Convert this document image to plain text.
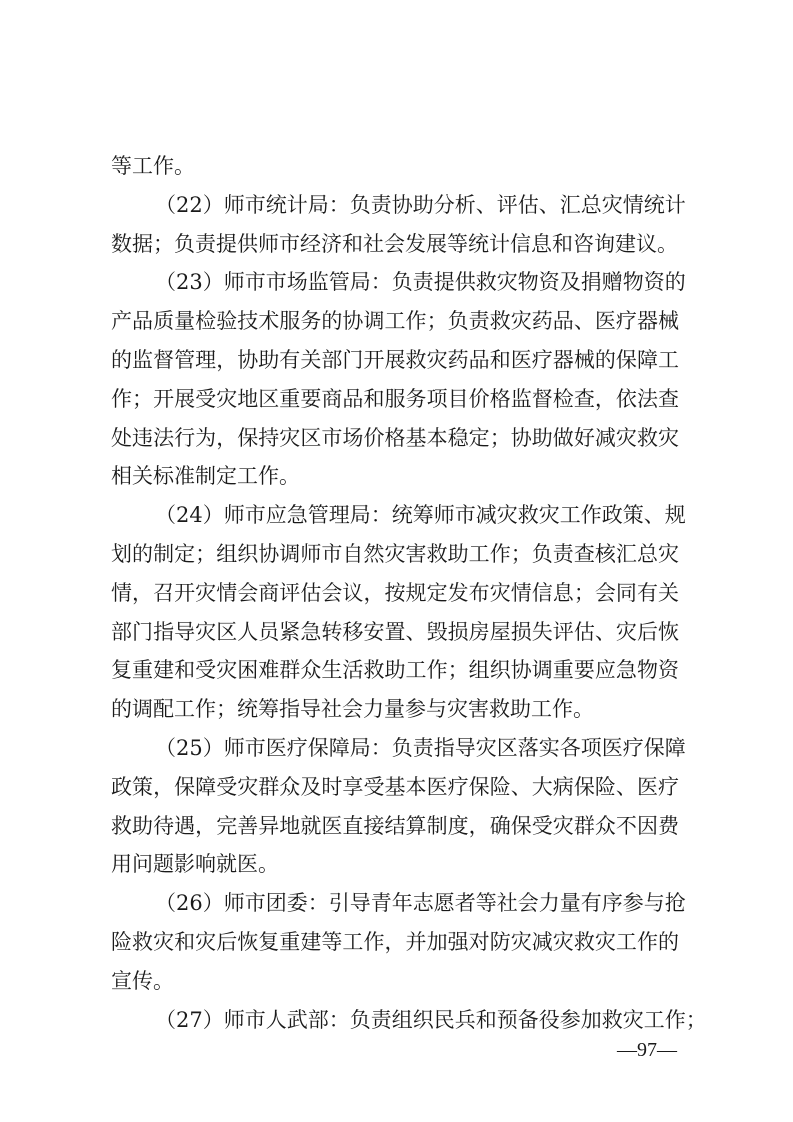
等工作。
（22）师市统计局：负责协助分析、评估、汇总灾情统计
数据；负责提供师市经济和社会发展等统计信息和咨询建议。
（23）师市市场监管局：负责提供救灾物资及捐赠物资的
产品质量检验技术服务的协调工作；负责救灾药品、医疗器械
的监督管理，协助有关部门开展救灾药品和医疗器械的保障工
作；开展受灾地区重要商品和服务项目价格监督检查，依法查
处违法行为，保持灾区市场价格基本稳定；协助做好减灾救灾
相关标准制定工作。
（24）师市应急管理局：统筹师市减灾救灾工作政策、规
划的制定；组织协调师市自然灾害救助工作；负责查核汇总灾
情，召开灾情会商评估会议，按规定发布灾情信息；会同有关
部门指导灾区人员紧急转移安置、毁损房屋损失评估、灾后恢
复重建和受灾困难群众生活救助工作；组织协调重要应急物资
的调配工作；统筹指导社会力量参与灾害救助工作。
（25）师市医疗保障局：负责指导灾区落实各项医疗保障
政策，保障受灾群众及时享受基本医疗保险、大病保险、医疗
救助待遇，完善异地就医直接结算制度，确保受灾群众不因费
用问题影响就医。
（26）师市团委：引导青年志愿者等社会力量有序参与抢
险救灾和灾后恢复重建等工作，并加强对防灾减灾救灾工作的
宣传。
（27）师市人武部：负责组织民兵和预备役参加救灾工作；
—97—
